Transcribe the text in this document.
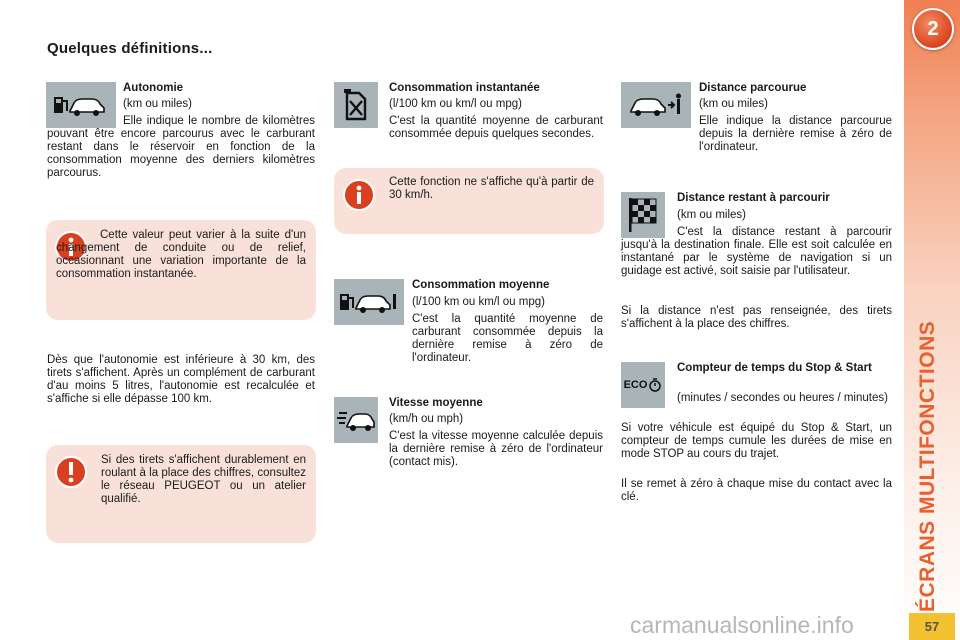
2
ÉCRANS MULTIFONCTIONS
57
Quelques définitions...
Autonomie
(km ou miles)
Elle indique le nombre de kilomètres pouvant être encore parcourus avec le carburant restant dans le réservoir en fonction de la consommation moyenne des derniers kilomètres parcourus.
Cette valeur peut varier à la suite d'un changement de conduite ou de relief, occasionnant une variation importante de la consommation instantanée.
Dès que l'autonomie est inférieure à 30 km, des tirets s'affichent. Après un complément de carburant d'au moins 5 litres, l'autonomie est recalculée et s'affiche si elle dépasse 100 km.
Si des tirets s'affichent durablement en roulant à la place des chiffres, consultez le réseau PEUGEOT ou un atelier qualifié.
Consommation instantanée
(l/100 km ou km/l ou mpg)
C'est la quantité moyenne de carburant consommée depuis quelques secondes.
Cette fonction ne s'affiche qu'à partir de 30 km/h.
Consommation moyenne
(l/100 km ou km/l ou mpg)
C'est la quantité moyenne de carburant consommée depuis la dernière remise à zéro de l'ordinateur.
Vitesse moyenne
(km/h ou mph)
C'est la vitesse moyenne calculée depuis la dernière remise à zéro de l'ordinateur (contact mis).
Distance parcourue
(km ou miles)
Elle indique la distance parcourue depuis la dernière remise à zéro de l'ordinateur.
Distance restant à parcourir
(km ou miles)
C'est la distance restant à parcourir jusqu'à la destination finale. Elle est soit calculée en instantané par le système de navigation si un guidage est activé, soit saisie par l'utilisateur.
Si la distance n'est pas renseignée, des tirets s'affichent à la place des chiffres.
ECO
Compteur de temps du Stop & Start
(minutes / secondes ou heures / minutes)
Si votre véhicule est équipé du Stop & Start, un compteur de temps cumule les durées de mise en mode STOP au cours du trajet.
Il se remet à zéro à chaque mise du contact avec la clé.
carmanualsonline.info
